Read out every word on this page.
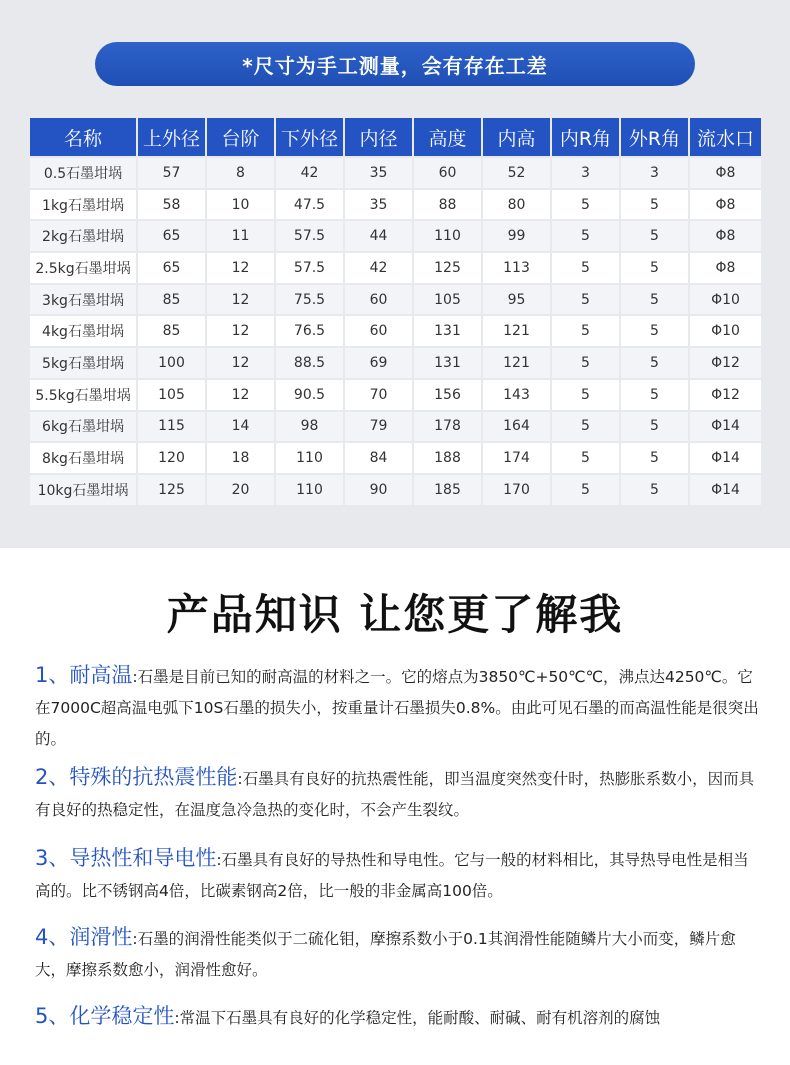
*尺寸为手工测量，会有存在工差
名称	上外径	台阶	下外径	内径	高度	内高	内R角	外R角	流水口
0.5石墨坩埚	57	8	42	35	60	52	3	3	Φ8
1kg石墨坩埚	58	10	47.5	35	88	80	5	5	Φ8
2kg石墨坩埚	65	11	57.5	44	110	99	5	5	Φ8
2.5kg石墨坩埚	65	12	57.5	42	125	113	5	5	Φ8
3kg石墨坩埚	85	12	75.5	60	105	95	5	5	Φ10
4kg石墨坩埚	85	12	76.5	60	131	121	5	5	Φ10
5kg石墨坩埚	100	12	88.5	69	131	121	5	5	Φ12
5.5kg石墨坩埚	105	12	90.5	70	156	143	5	5	Φ12
6kg石墨坩埚	115	14	98	79	178	164	5	5	Φ14
8kg石墨坩埚	120	18	110	84	188	174	5	5	Φ14
10kg石墨坩埚	125	20	110	90	185	170	5	5	Φ14
产品知识 让您更了解我
1、耐高温:石墨是目前已知的耐高温的材料之一。它的熔点为3850℃+50℃℃，沸点达4250℃。它在7000C超高温电弧下10S石墨的损失小，按重量计石墨损失0.8%。由此可见石墨的而高温性能是很突出的。
2、特殊的抗热震性能:石墨具有良好的抗热震性能，即当温度突然变什时，热膨胀系数小，因而具有良好的热稳定性，在温度急冷急热的变化时，不会产生裂纹。
3、导热性和导电性:石墨具有良好的导热性和导电性。它与一般的材料相比，其导热导电性是相当高的。比不锈钢高4倍，比碳素钢高2倍，比一般的非金属高100倍。
4、润滑性:石墨的润滑性能类似于二硫化钼，摩擦系数小于0.1其润滑性能随鳞片大小而变，鳞片愈大，摩擦系数愈小，润滑性愈好。
5、化学稳定性:常温下石墨具有良好的化学稳定性，能耐酸、耐碱、耐有机溶剂的腐蚀
